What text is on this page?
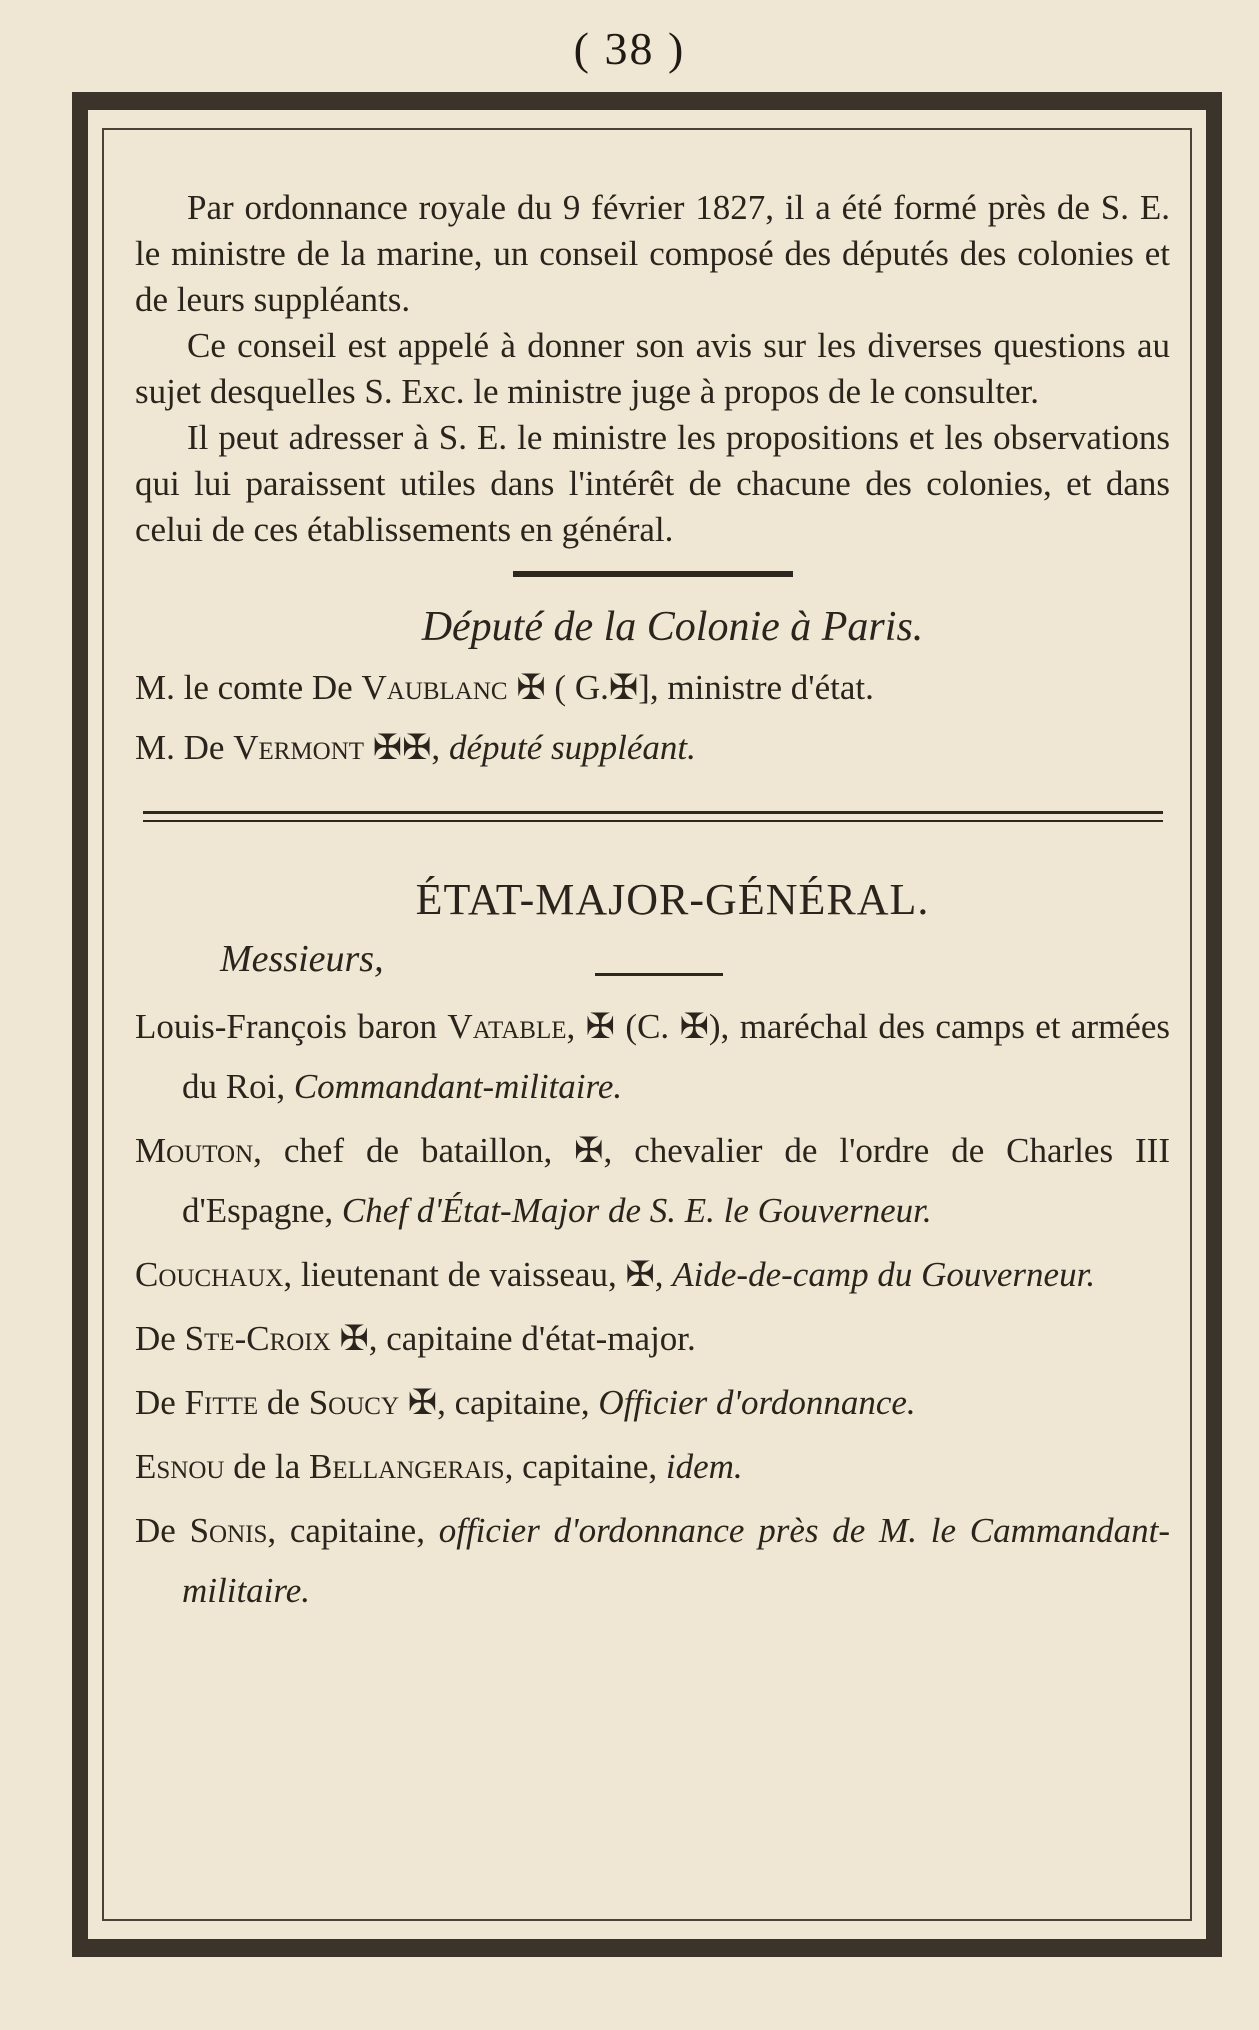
( 38 )

Par ordonnance royale du 9 février 1827, il a été formé près de S. E. le ministre de la marine, un conseil composé des députés des colonies et de leurs suppléants.

Ce conseil est appelé à donner son avis sur les diverses questions au sujet desquelles S. Exc. le ministre juge à propos de le consulter.

Il peut adresser à S. E. le ministre les propositions et les observations qui lui paraissent utiles dans l'intérêt de chacune des colonies, et dans celui de ces établissements en général.

Député de la Colonie à Paris.
M. le comte De Vaublanc ✠ ( G.✠], ministre d'état.
M. De Vermont ✠✠, député suppléant.
ÉTAT-MAJOR-GÉNÉRAL.
Messieurs,
Louis-François baron Vatable, ✠ (C. ✠), maréchal des camps et armées du Roi, Commandant-militaire.
Mouton, chef de bataillon, ✠, chevalier de l'ordre de Charles III d'Espagne, Chef d'État-Major de S. E. le Gouverneur.
Couchaux, lieutenant de vaisseau, ✠, Aide-de-camp du Gouverneur.
De Ste-Croix ✠, capitaine d'état-major.
De Fitte de Soucy ✠, capitaine, Officier d'ordonnance.
Esnou de la Bellangerais, capitaine, idem.
De Sonis, capitaine, officier d'ordonnance près de M. le Cammandant-militaire.
